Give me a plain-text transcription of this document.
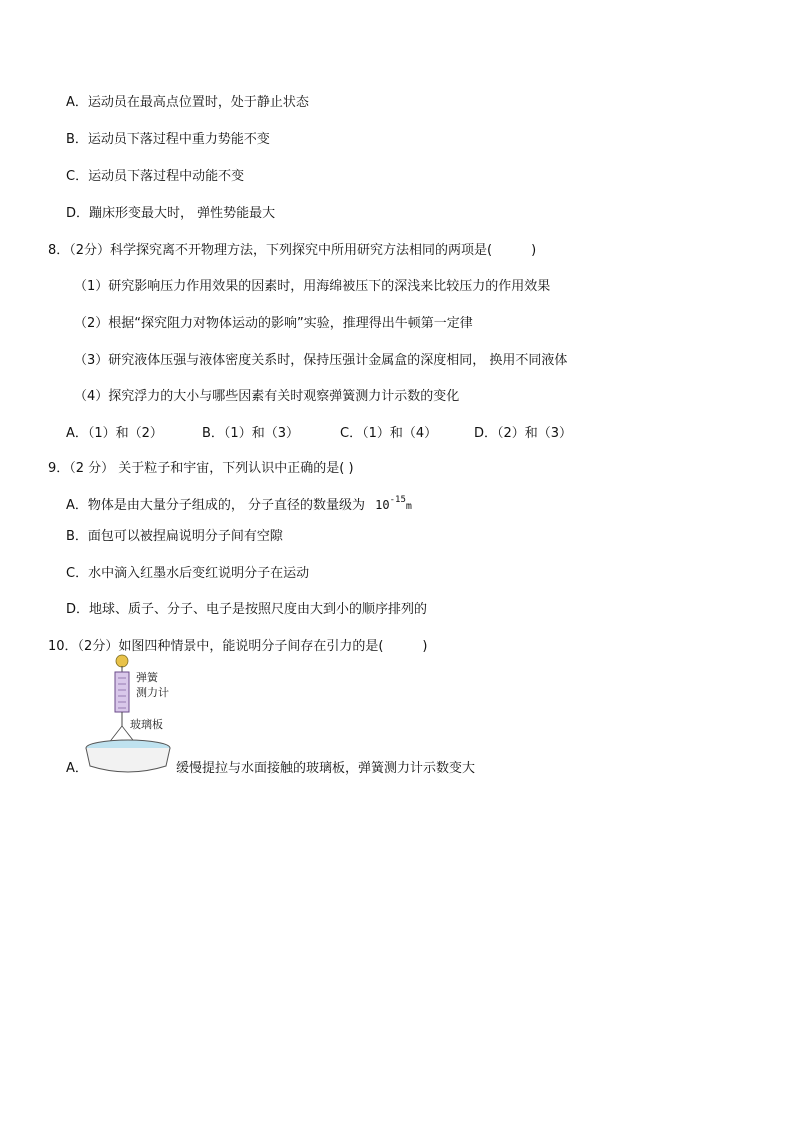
A．运动员在最高点位置时，处于静止状态
B．运动员下落过程中重力势能不变
C．运动员下落过程中动能不变
D．蹦床形变最大时， 弹性势能最大
8．（2分）科学探究离不开物理方法，下列探究中所用研究方法相同的两项是(　　　)
（1）研究影响压力作用效果的因素时，用海绵被压下的深浅来比较压力的作用效果
（2）根据“探究阻力对物体运动的影响”实验，推理得出牛顿第一定律
（3）研究液体压强与液体密度关系时，保持压强计金属盒的深度相同， 换用不同液体
（4）探究浮力的大小与哪些因素有关时观察弹簧测力计示数的变化
A．（1）和（2）	B．（1）和（3）	C．（1）和（4）	D．（2）和（3）
9．（2 分） 关于粒子和宇宙，下列认识中正确的是( )
A．物体是由大量分子组成的， 分子直径的数量级为 $10^{-15}m$
B．面包可以被捏扁说明分子间有空隙
C．水中滴入红墨水后变红说明分子在运动
D．地球、质子、分子、电子是按照尺度由大到小的顺序排列的
10．（2分）如图四种情景中，能说明分子间存在引力的是(　　　)
弹簧
测力计
玻璃板
A．	缓慢提拉与水面接触的玻璃板，弹簧测力计示数变大
